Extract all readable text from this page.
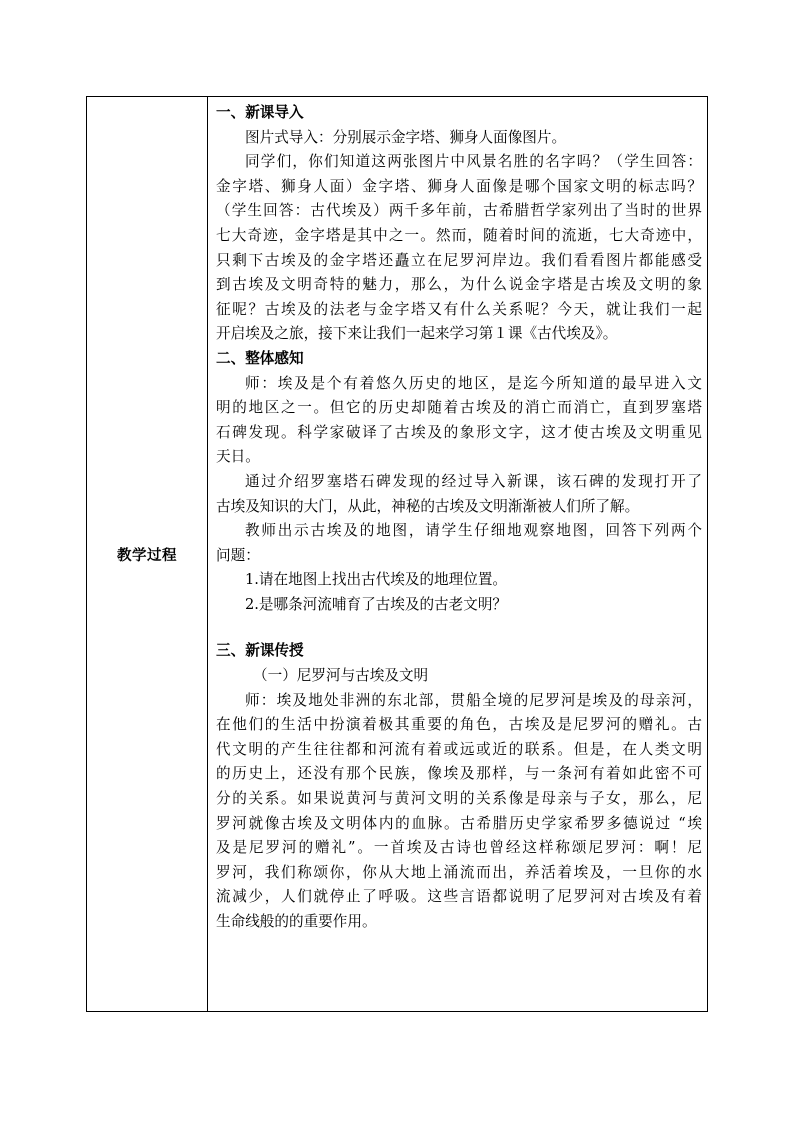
教学过程

一、新课导入

图片式导入：分别展示金字塔、狮身人面像图片。

同学们，你们知道这两张图片中风景名胜的名字吗？（学生回答：

金字塔、狮身人面）金字塔、狮身人面像是哪个国家文明的标志吗？

（学生回答：古代埃及）两千多年前，古希腊哲学家列出了当时的世界

七大奇迹，金字塔是其中之一。然而，随着时间的流逝，七大奇迹中，

只剩下古埃及的金字塔还矗立在尼罗河岸边。我们看看图片都能感受

到古埃及文明奇特的魅力，那么，为什么说金字塔是古埃及文明的象

征呢？古埃及的法老与金字塔又有什么关系呢？今天，就让我们一起

开启埃及之旅，接下来让我们一起来学习第１课《古代埃及》。

二、整体感知

师：埃及是个有着悠久历史的地区，是迄今所知道的最早进入文

明的地区之一。但它的历史却随着古埃及的消亡而消亡，直到罗塞塔

石碑发现。科学家破译了古埃及的象形文字，这才使古埃及文明重见

天日。

通过介绍罗塞塔石碑发现的经过导入新课，该石碑的发现打开了

古埃及知识的大门，从此，神秘的古埃及文明渐渐被人们所了解。

教师出示古埃及的地图，请学生仔细地观察地图，回答下列两个

问题：

1.请在地图上找出古代埃及的地理位置。

2.是哪条河流哺育了古埃及的古老文明？

三、新课传授

（一）尼罗河与古埃及文明

师：埃及地处非洲的东北部，贯船全境的尼罗河是埃及的母亲河，

在他们的生活中扮演着极其重要的角色，古埃及是尼罗河的赠礼。古

代文明的产生往往都和河流有着或远或近的联系。但是，在人类文明

的历史上，还没有那个民族，像埃及那样，与一条河有着如此密不可

分的关系。如果说黄河与黄河文明的关系像是母亲与子女，那么，尼

罗河就像古埃及文明体内的血脉。古希腊历史学家希罗多德说过 “埃

及是尼罗河的赠礼”。一首埃及古诗也曾经这样称颂尼罗河：啊！尼

罗河，我们称颂你，你从大地上涌流而出，养活着埃及，一旦你的水

流减少，人们就停止了呼吸。这些言语都说明了尼罗河对古埃及有着

生命线般的的重要作用。
